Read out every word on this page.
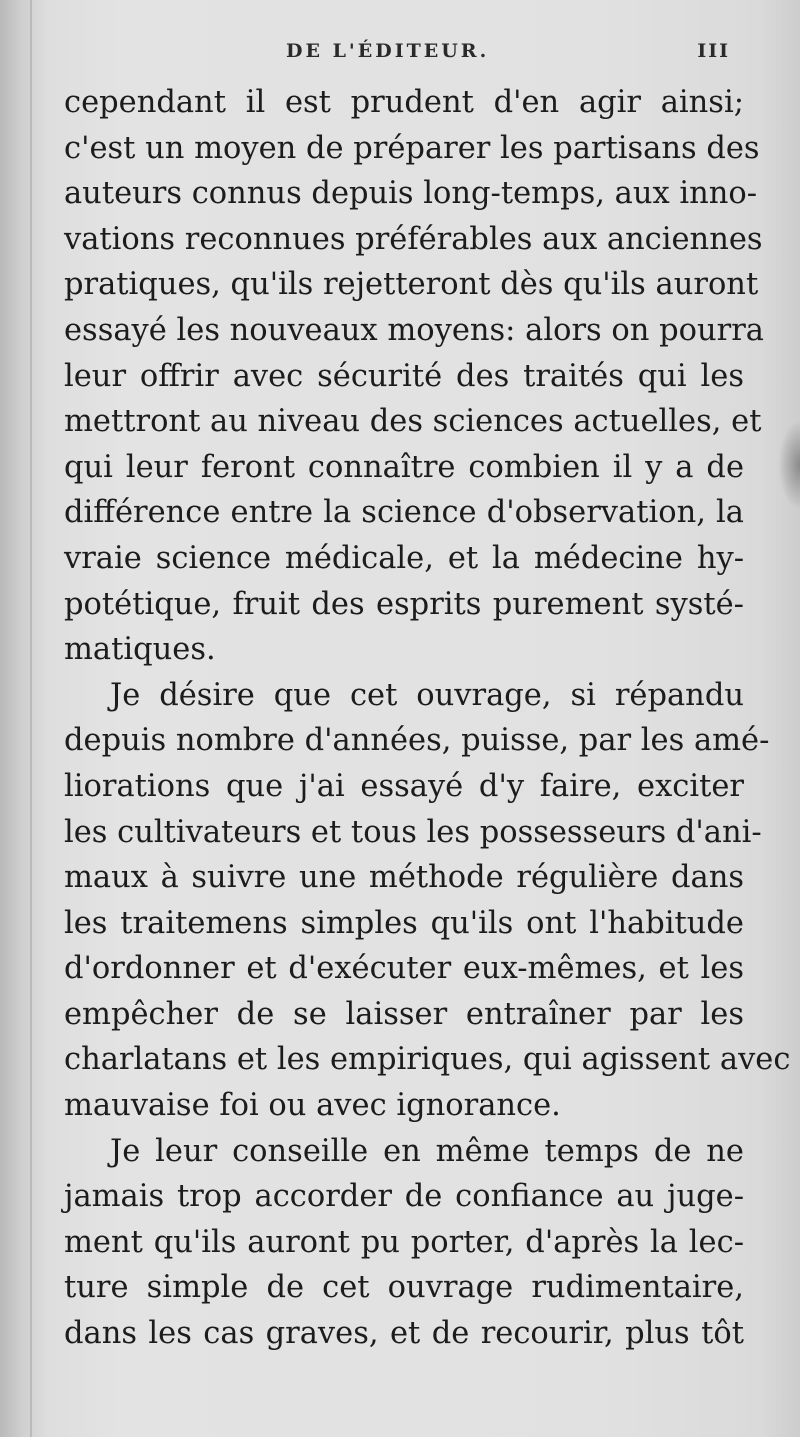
DE L'ÉDITEUR.	III
cependant il est prudent d'en agir ainsi;
c'est un moyen de préparer les partisans des
auteurs connus depuis long-temps, aux inno-
vations reconnues préférables aux anciennes
pratiques, qu'ils rejetteront dès qu'ils auront
essayé les nouveaux moyens: alors on pourra
leur offrir avec sécurité des traités qui les
mettront au niveau des sciences actuelles, et
qui leur feront connaître combien il y a de
différence entre la science d'observation, la
vraie science médicale, et la médecine hy-
potétique, fruit des esprits purement systé-
matiques.
Je désire que cet ouvrage, si répandu
depuis nombre d'années, puisse, par les amé-
liorations que j'ai essayé d'y faire, exciter
les cultivateurs et tous les possesseurs d'ani-
maux à suivre une méthode régulière dans
les traitemens simples qu'ils ont l'habitude
d'ordonner et d'exécuter eux-mêmes, et les
empêcher de se laisser entraîner par les
charlatans et les empiriques, qui agissent avec
mauvaise foi ou avec ignorance.
Je leur conseille en même temps de ne
jamais trop accorder de confiance au juge-
ment qu'ils auront pu porter, d'après la lec-
ture simple de cet ouvrage rudimentaire,
dans les cas graves, et de recourir, plus tôt
